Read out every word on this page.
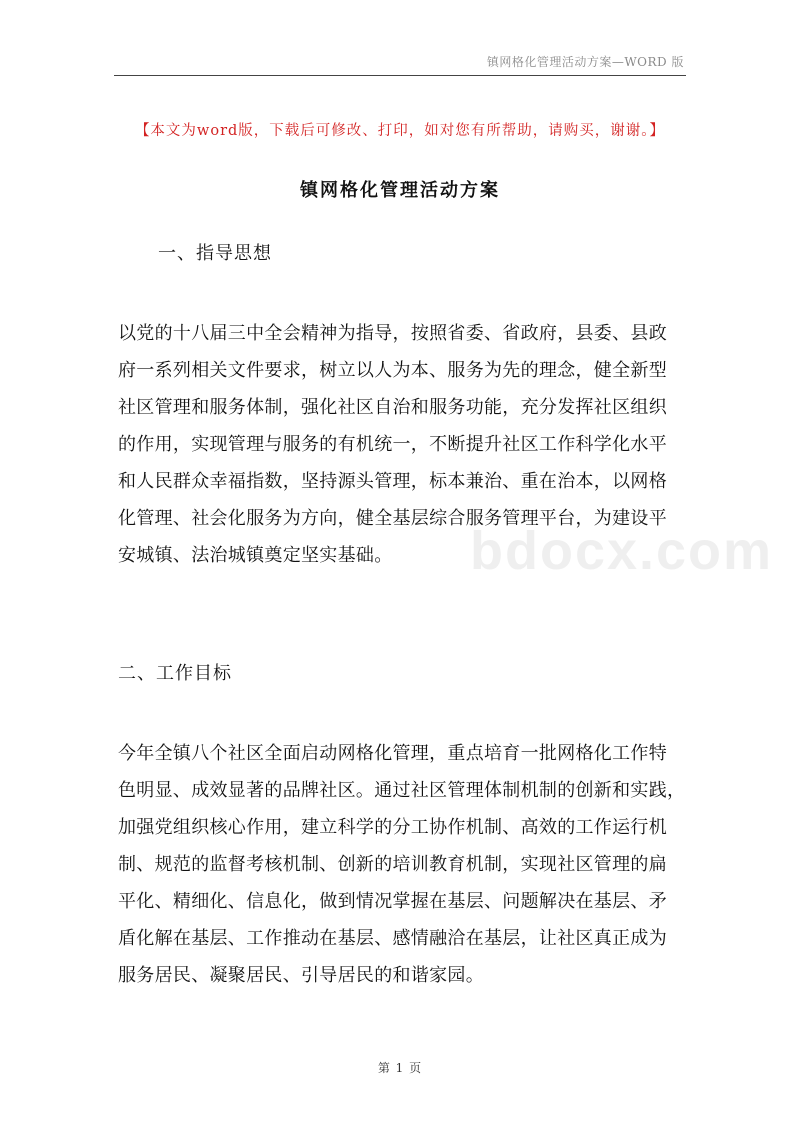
镇网格化管理活动方案—WORD 版
【本文为word版，下载后可修改、打印，如对您有所帮助，请购买，谢谢。】
镇网格化管理活动方案
一、指导思想
以党的十八届三中全会精神为指导，按照省委、省政府，县委、县政
府一系列相关文件要求，树立以人为本、服务为先的理念，健全新型
社区管理和服务体制，强化社区自治和服务功能，充分发挥社区组织
的作用，实现管理与服务的有机统一，不断提升社区工作科学化水平
和人民群众幸福指数，坚持源头管理，标本兼治、重在治本，以网格
化管理、社会化服务为方向，健全基层综合服务管理平台，为建设平
安城镇、法治城镇奠定坚实基础。	bdocx.com
二、工作目标
今年全镇八个社区全面启动网格化管理，重点培育一批网格化工作特
色明显、成效显著的品牌社区。通过社区管理体制机制的创新和实践，
加强党组织核心作用，建立科学的分工协作机制、高效的工作运行机
制、规范的监督考核机制、创新的培训教育机制，实现社区管理的扁
平化、精细化、信息化，做到情况掌握在基层、问题解决在基层、矛
盾化解在基层、工作推动在基层、感情融洽在基层，让社区真正成为
服务居民、凝聚居民、引导居民的和谐家园。
第 1 页
